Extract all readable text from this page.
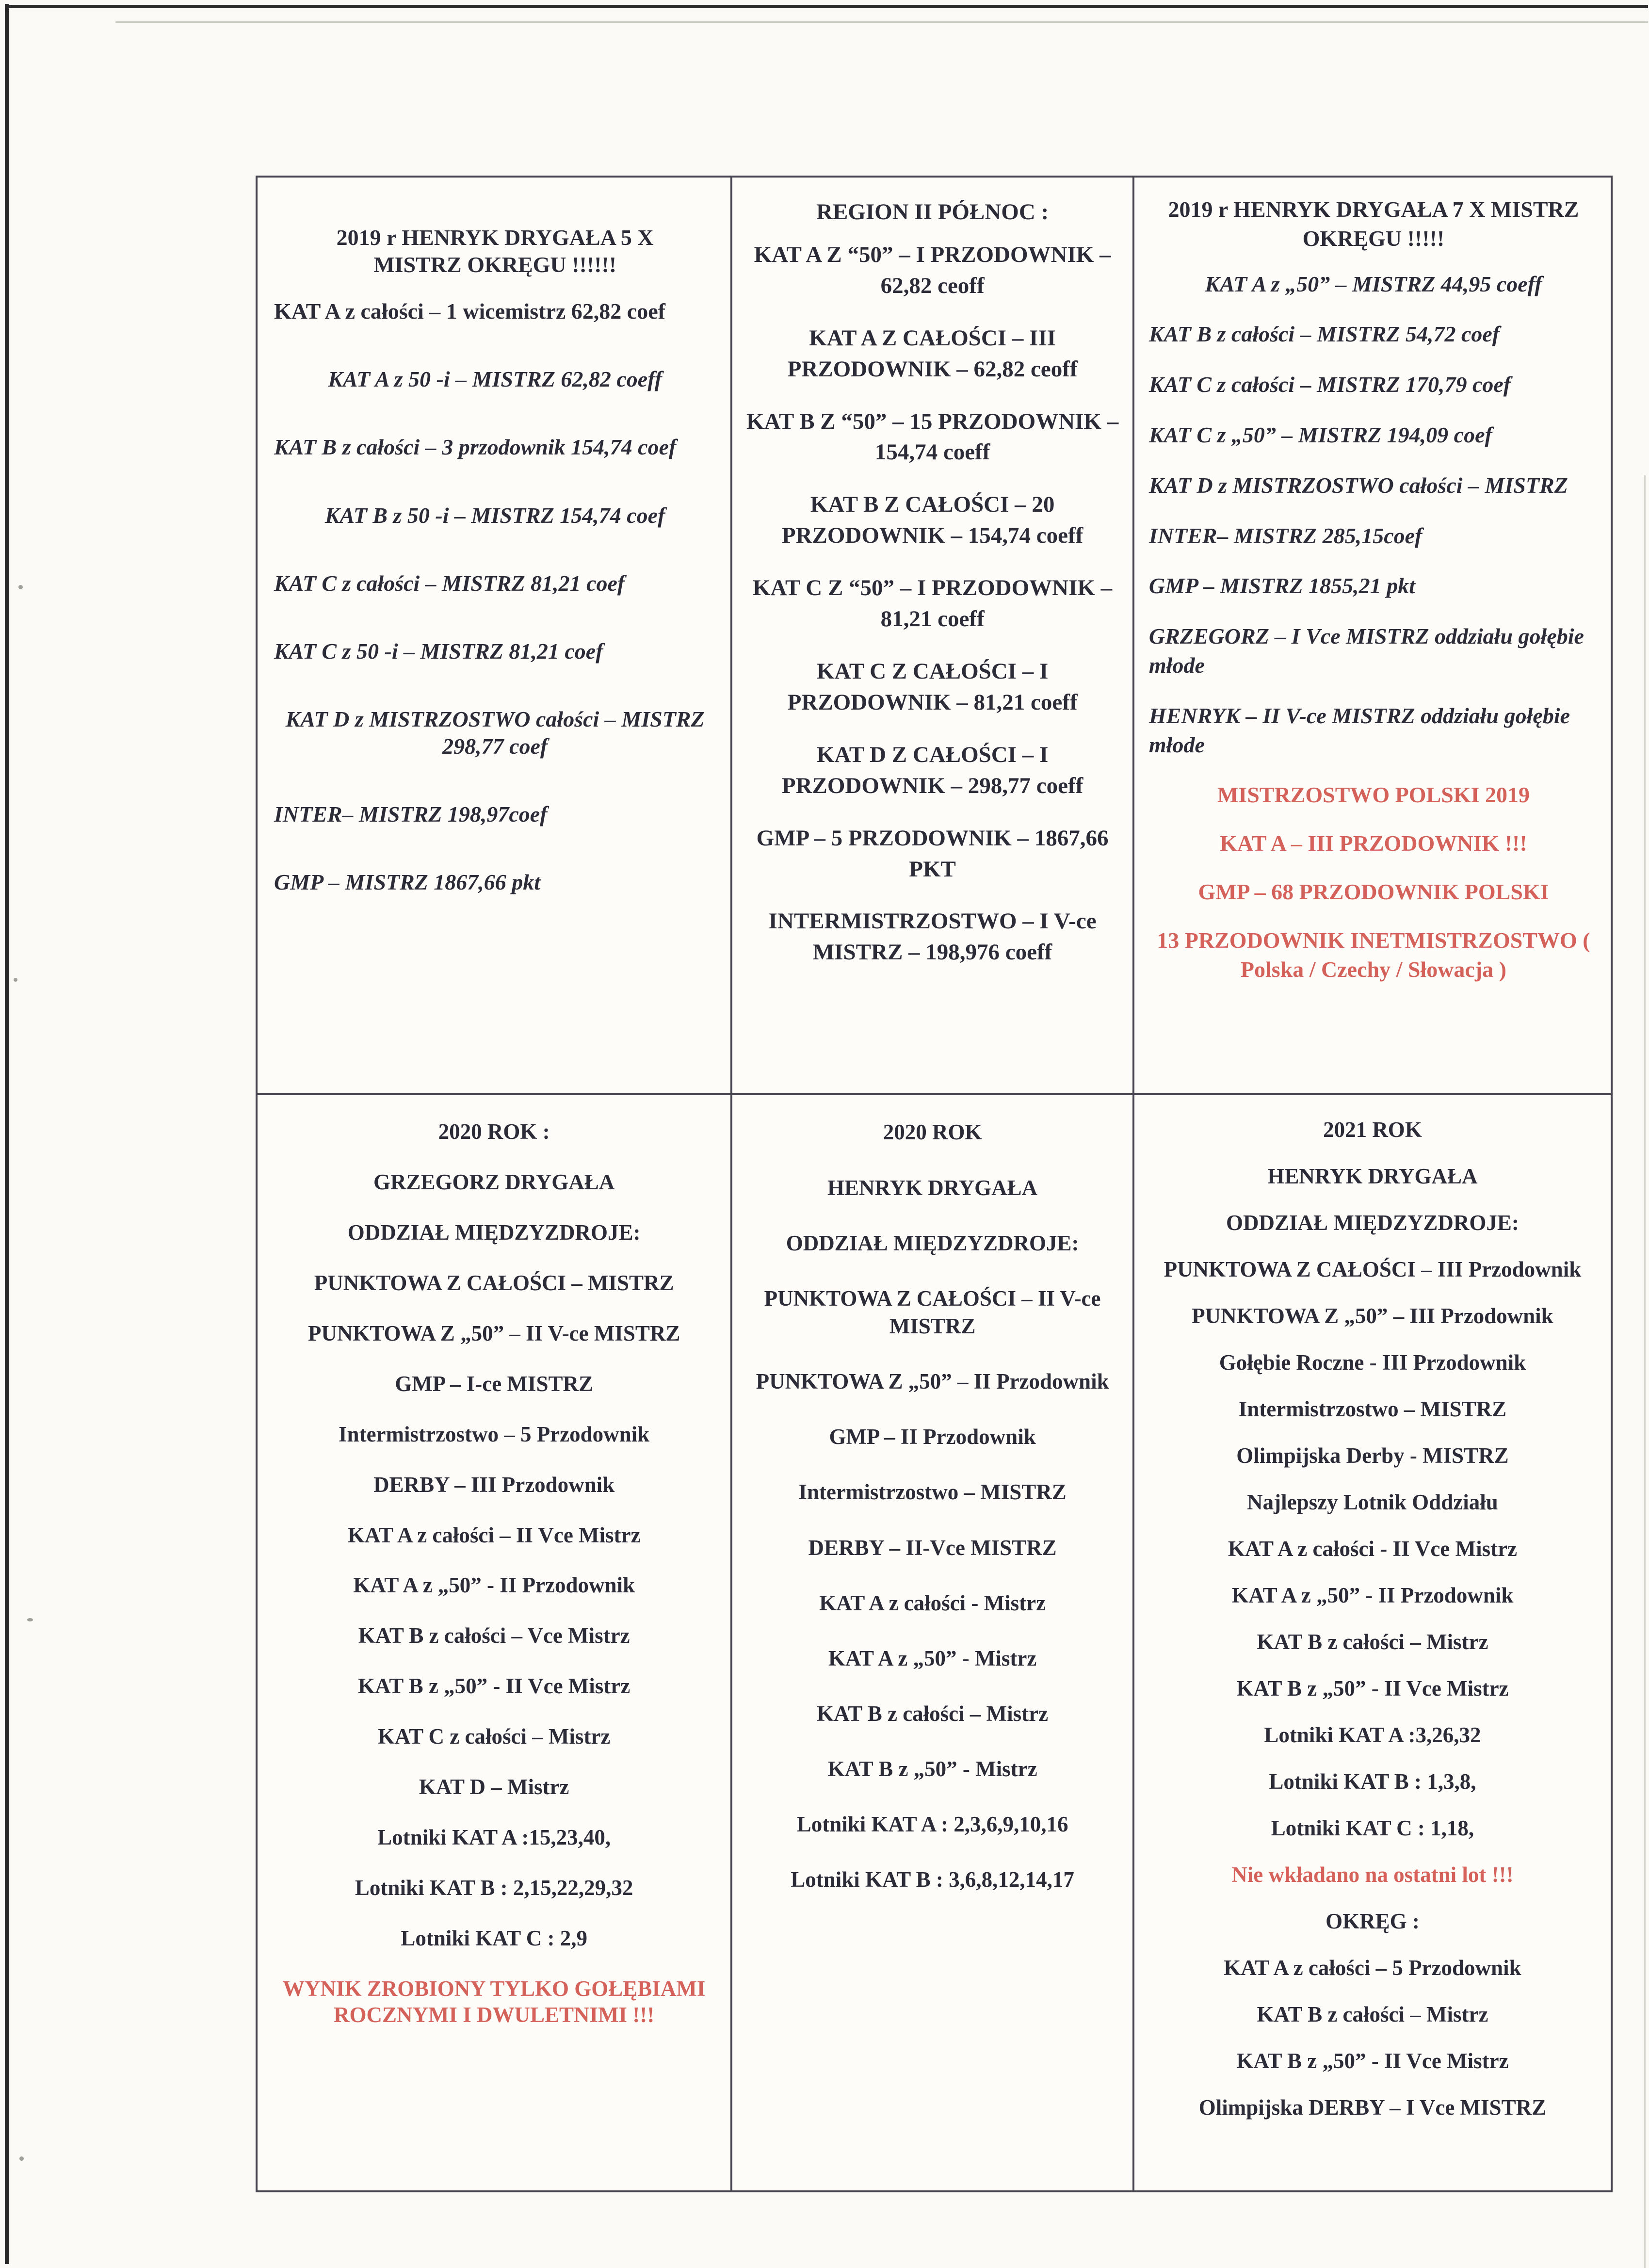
2019 r HENRYK DRYGAŁA 5 X
MISTRZ OKRĘGU !!!!!!

KAT A z całości – 1 wicemistrz 62,82 coef

KAT A z 50 -i – MISTRZ 62,82 coeff

KAT B z całości – 3 przodownik 154,74 coef

KAT B z 50 -i – MISTRZ 154,74 coef

KAT C z całości – MISTRZ 81,21 coef

KAT C z 50 -i – MISTRZ 81,21 coef

KAT D z MISTRZOSTWO całości – MISTRZ 298,77 coef

INTER– MISTRZ 198,97coef

GMP – MISTRZ 1867,66 pkt

REGION II PÓŁNOC :

KAT A Z “50” – I PRZODOWNIK – 62,82 ceoff

KAT A Z CAŁOŚCI – III PRZODOWNIK – 62,82 ceoff

KAT B Z “50” – 15 PRZODOWNIK – 154,74 coeff

KAT B Z CAŁOŚCI – 20 PRZODOWNIK – 154,74 coeff

KAT C Z “50” – I PRZODOWNIK – 81,21 coeff

KAT C Z CAŁOŚCI – I PRZODOWNIK – 81,21 coeff

KAT D Z CAŁOŚCI – I PRZODOWNIK – 298,77 coeff

GMP – 5 PRZODOWNIK – 1867,66 PKT

INTERMISTRZOSTWO – I V-ce MISTRZ – 198,976 coeff

2019 r HENRYK DRYGAŁA 7 X MISTRZ OKRĘGU !!!!!

KAT A z „50” – MISTRZ 44,95 coeff

KAT B z całości – MISTRZ 54,72 coef

KAT C z całości – MISTRZ 170,79 coef

KAT C z „50” – MISTRZ 194,09 coef

KAT D z MISTRZOSTWO całości – MISTRZ

INTER– MISTRZ 285,15coef

GMP – MISTRZ 1855,21 pkt

GRZEGORZ – I Vce MISTRZ oddziału gołębie młode

HENRYK – II V-ce MISTRZ oddziału gołębie młode

MISTRZOSTWO POLSKI 2019

KAT A – III PRZODOWNIK !!!

GMP – 68 PRZODOWNIK POLSKI

13 PRZODOWNIK INETMISTRZOSTWO ( Polska / Czechy / Słowacja )

2020 ROK :

GRZEGORZ DRYGAŁA

ODDZIAŁ MIĘDZYZDROJE:

PUNKTOWA Z CAŁOŚCI – MISTRZ

PUNKTOWA Z „50” – II V-ce MISTRZ

GMP – I-ce MISTRZ

Intermistrzostwo – 5 Przodownik

DERBY – III Przodownik

KAT A z całości – II Vce Mistrz

KAT A z „50” - II Przodownik

KAT B z całości – Vce Mistrz

KAT B z „50” - II Vce Mistrz

KAT C z całości – Mistrz

KAT D – Mistrz

Lotniki KAT A :15,23,40,

Lotniki KAT B : 2,15,22,29,32

Lotniki KAT C : 2,9

WYNIK ZROBIONY TYLKO GOŁĘBIAMI ROCZNYMI I DWULETNIMI !!!

2020 ROK

HENRYK DRYGAŁA

ODDZIAŁ MIĘDZYZDROJE:

PUNKTOWA Z CAŁOŚCI – II V-ce MISTRZ

PUNKTOWA Z „50” – II Przodownik

GMP – II Przodownik

Intermistrzostwo – MISTRZ

DERBY – II-Vce MISTRZ

KAT A z całości - Mistrz

KAT A z „50” - Mistrz

KAT B z całości – Mistrz

KAT B z „50” - Mistrz

Lotniki KAT A : 2,3,6,9,10,16

Lotniki KAT B : 3,6,8,12,14,17

2021 ROK

HENRYK DRYGAŁA

ODDZIAŁ MIĘDZYZDROJE:

PUNKTOWA Z CAŁOŚCI – III Przodownik

PUNKTOWA Z „50” – III Przodownik

Gołębie Roczne - III Przodownik

Intermistrzostwo – MISTRZ

Olimpijska Derby - MISTRZ

Najlepszy Lotnik Oddziału

KAT A z całości - II Vce Mistrz

KAT A z „50” - II Przodownik

KAT B z całości – Mistrz

KAT B z „50” - II Vce Mistrz

Lotniki KAT A :3,26,32

Lotniki KAT B : 1,3,8,

Lotniki KAT C : 1,18,

Nie wkładano na ostatni lot !!!

OKRĘG :

KAT A z całości – 5 Przodownik

KAT B z całości – Mistrz

KAT B z „50” - II Vce Mistrz

Olimpijska DERBY – I Vce MISTRZ
